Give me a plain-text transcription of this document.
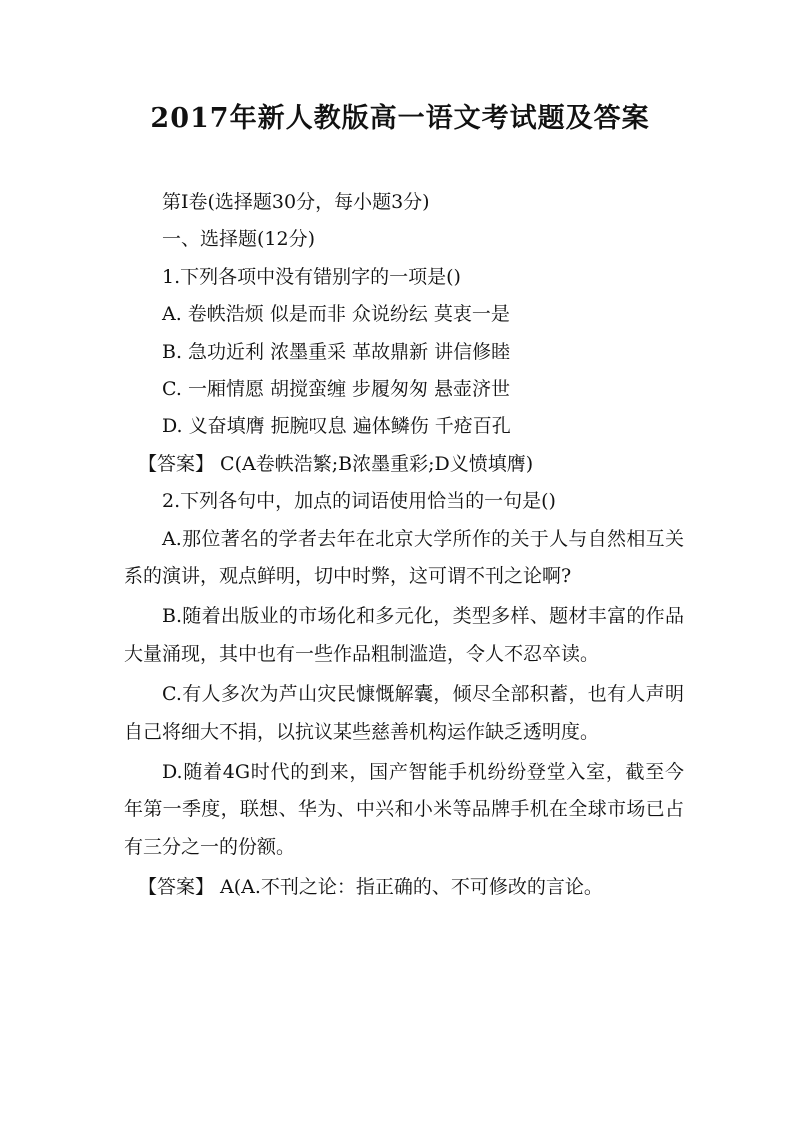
2017年新人教版高一语文考试题及答案
第Ⅰ卷(选择题30分，每小题3分)
一、选择题(12分)
1.下列各项中没有错别字的一项是()
A. 卷帙浩烦 似是而非 众说纷纭 莫衷一是
B. 急功近利 浓墨重采 革故鼎新 讲信修睦
C. 一厢情愿 胡搅蛮缠 步履匆匆 悬壶济世
D. 义奋填膺 扼腕叹息 遍体鳞伤 千疮百孔
【答案】 C(A卷帙浩繁;B浓墨重彩;D义愤填膺)
2.下列各句中，加点的词语使用恰当的一句是()

A.那位著名的学者去年在北京大学所作的关于人与自然相互关系的演讲，观点鲜明，切中时弊，这可谓不刊之论啊?

B.随着出版业的市场化和多元化，类型多样、题材丰富的作品大量涌现，其中也有一些作品粗制滥造，令人不忍卒读。

C.有人多次为芦山灾民慷慨解囊，倾尽全部积蓄，也有人声明自己将细大不捐，以抗议某些慈善机构运作缺乏透明度。

D.随着4G时代的到来，国产智能手机纷纷登堂入室，截至今年第一季度，联想、华为、中兴和小米等品牌手机在全球市场已占有三分之一的份额。

【答案】 A(A.不刊之论：指正确的、不可修改的言论。
